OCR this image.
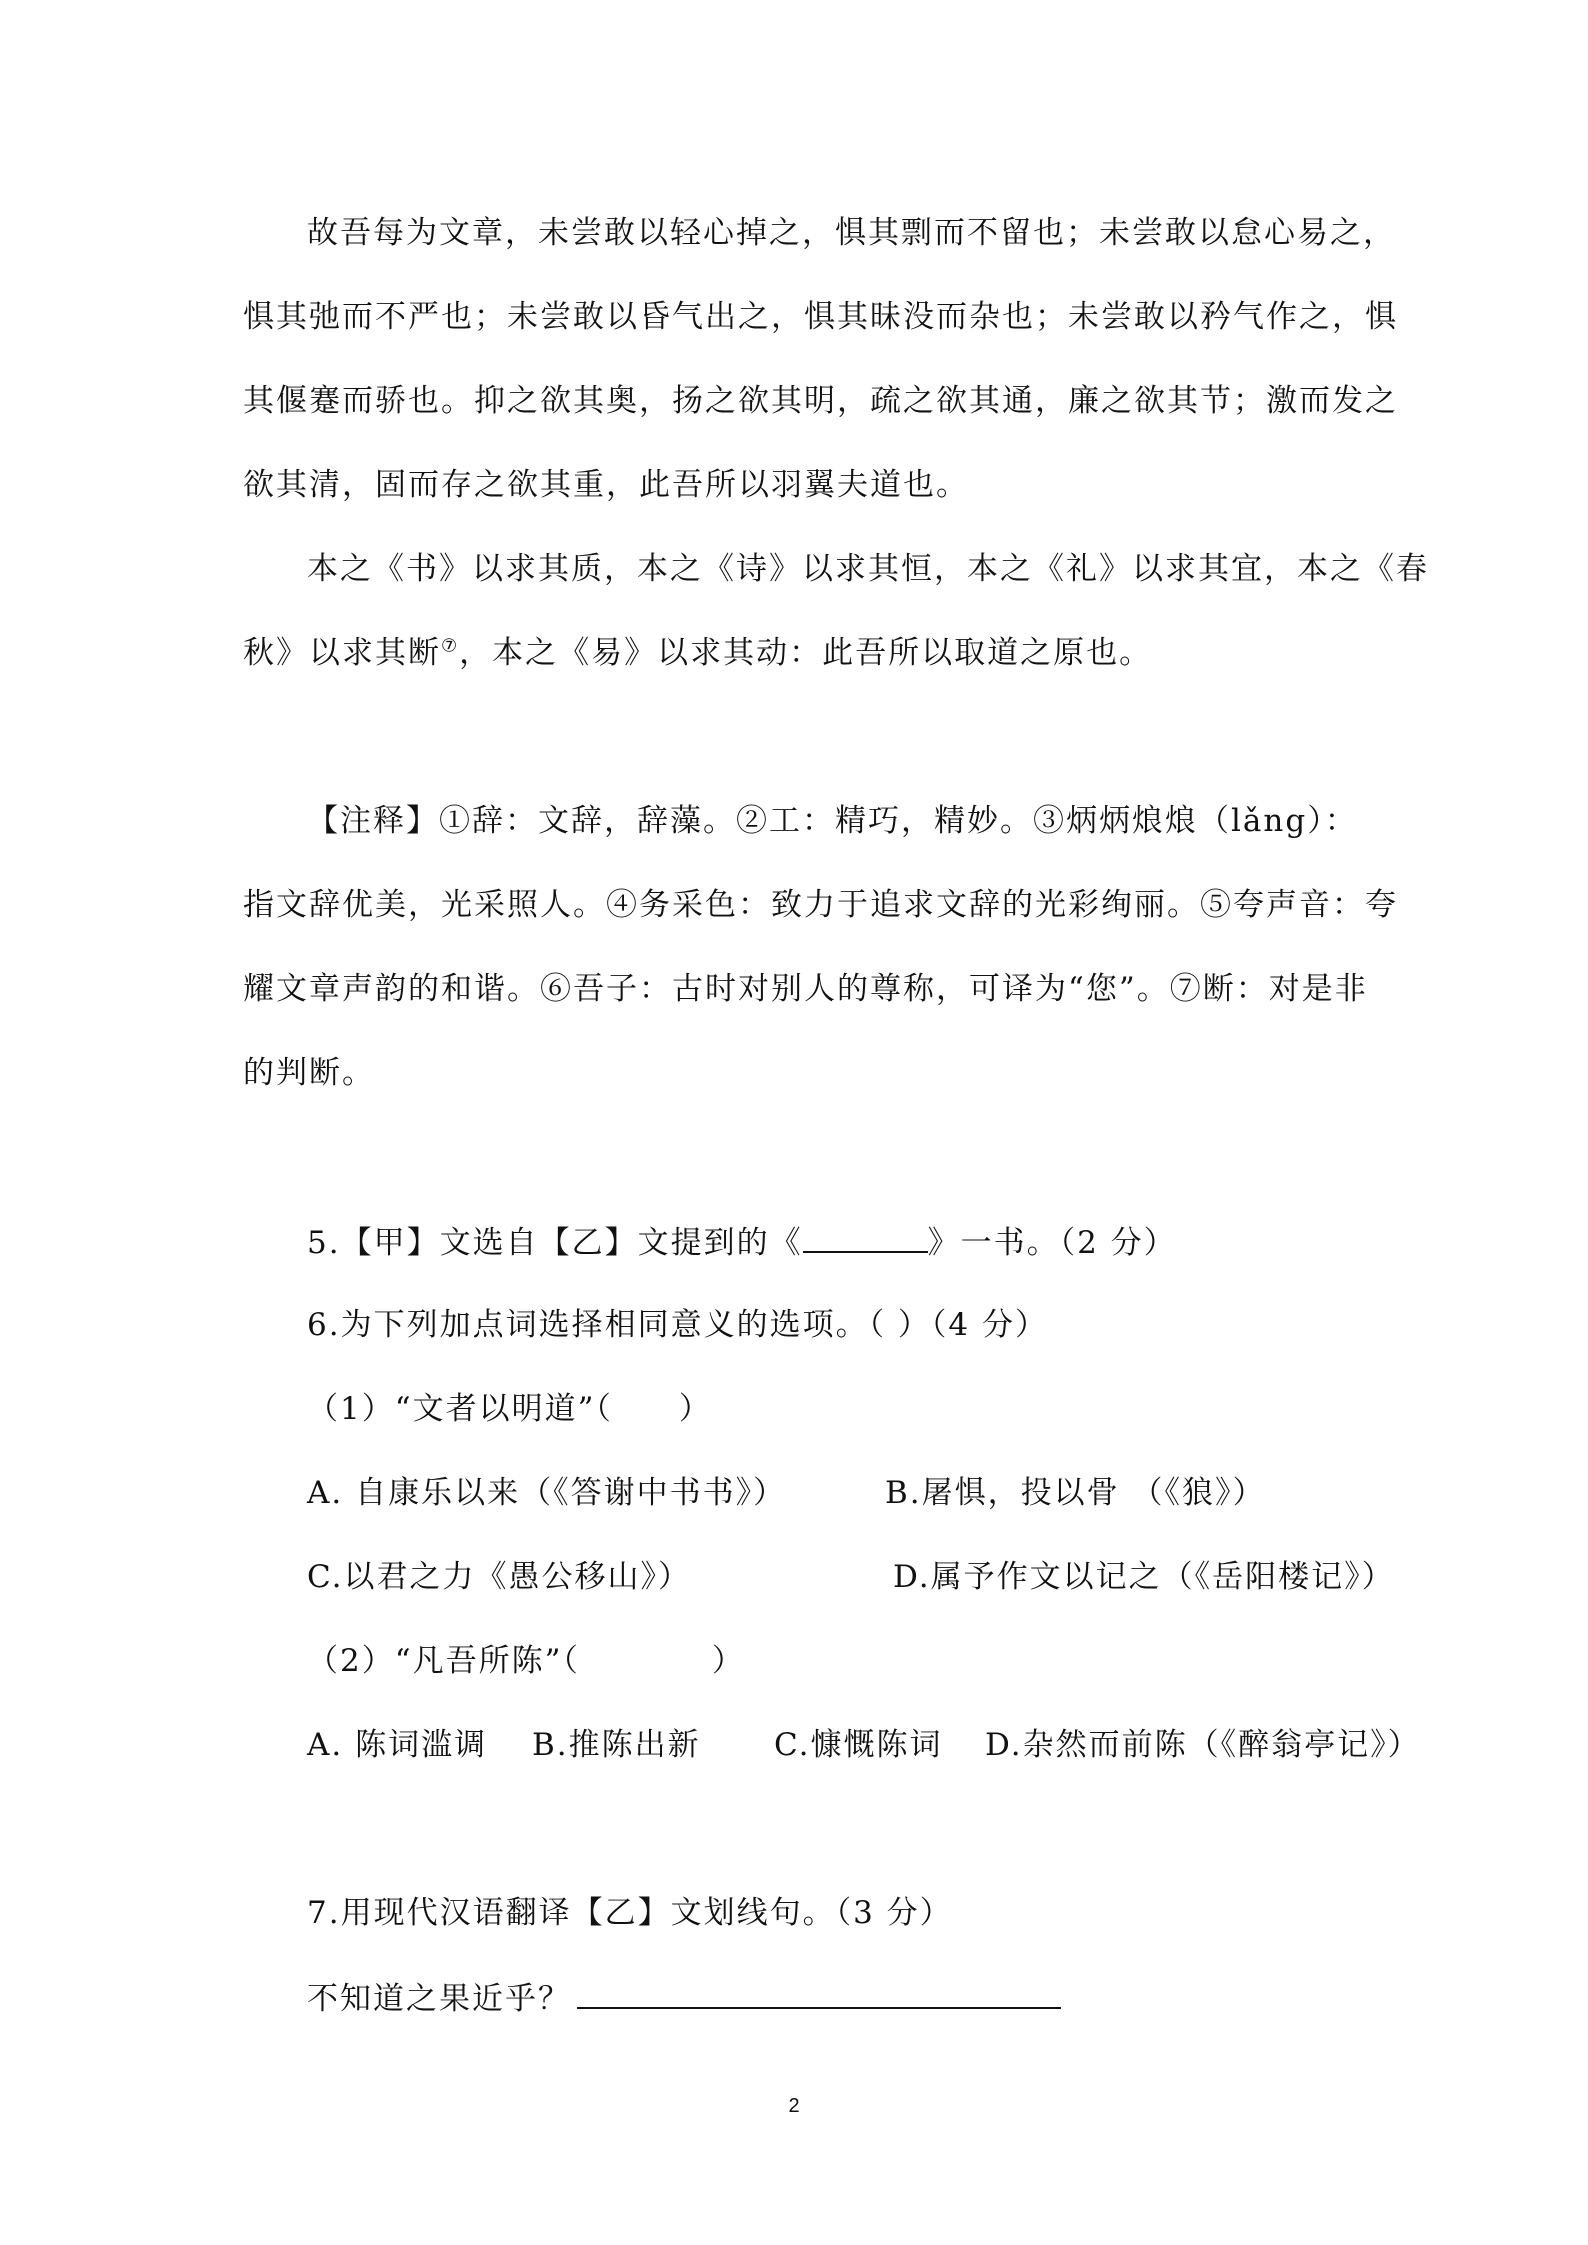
故吾每为文章，未尝敢以轻心掉之，惧其剽而不留也；未尝敢以怠心易之，
惧其弛而不严也；未尝敢以昏气出之，惧其昧没而杂也；未尝敢以矜气作之，惧
其偃蹇而骄也。抑之欲其奥，扬之欲其明，疏之欲其通，廉之欲其节；激而发之
欲其清，固而存之欲其重，此吾所以羽翼夫道也。
本之《书》以求其质，本之《诗》以求其恒，本之《礼》以求其宜，本之《春
秋》以求其断⑦，本之《易》以求其动：此吾所以取道之原也。
【注释】①辞：文辞，辞藻。②工：精巧，精妙。③炳炳烺烺（lǎng）：
指文辞优美，光采照人。④务采色：致力于追求文辞的光彩绚丽。⑤夸声音：夸
耀文章声韵的和谐。⑥吾子：古时对别人的尊称，可译为“您”。⑦断：对是非
的判断。
5.【甲】文选自【乙】文提到的《	》一书。（2 分）
6.为下列加点词选择相同意义的选项。（ ）（4 分）
（1）“文者以明道”（　　）
A. 自康乐以来（《答谢中书书》）	B.屠惧，投以骨 （《狼》）
C.以君之力《愚公移山》）	D.属予作文以记之（《岳阳楼记》）
（2）“凡吾所陈”（　　　　）
A. 陈词滥调 B.推陈出新 C.慷慨陈词 D.杂然而前陈（《醉翁亭记》）
7.用现代汉语翻译【乙】文划线句。（3 分）
不知道之果近乎？
2
